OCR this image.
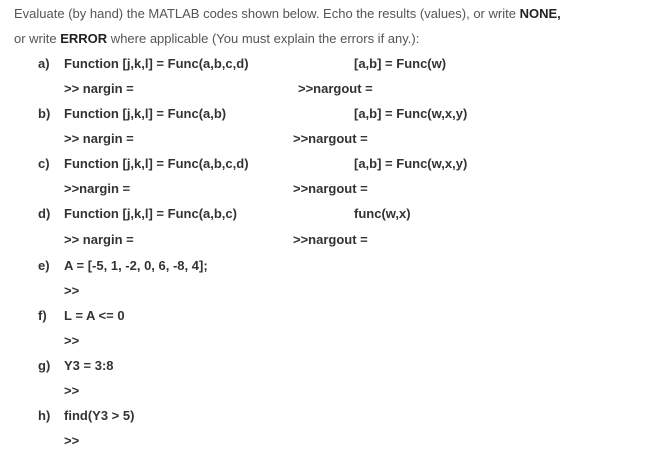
Evaluate (by hand) the MATLAB codes shown below. Echo the results (values), or write NONE,
or write ERROR where applicable (You must explain the errors if any.):
a) Function [j,k,l] = Func(a,b,c,d)	[a,b] = Func(w)
>> nargin =	>>nargout =
b) Function [j,k,l] = Func(a,b)	[a,b] = Func(w,x,y)
>> nargin =	>>nargout =
c) Function [j,k,l] = Func(a,b,c,d)	[a,b] = Func(w,x,y)
>>nargin =	>>nargout =
d) Function [j,k,l] = Func(a,b,c)	func(w,x)
>> nargin =	>>nargout =
e) A = [-5, 1, -2, 0, 6, -8, 4];
>>
f) L = A <= 0
>>
g) Y3 = 3:8
>>
h) find(Y3 > 5)
>>
